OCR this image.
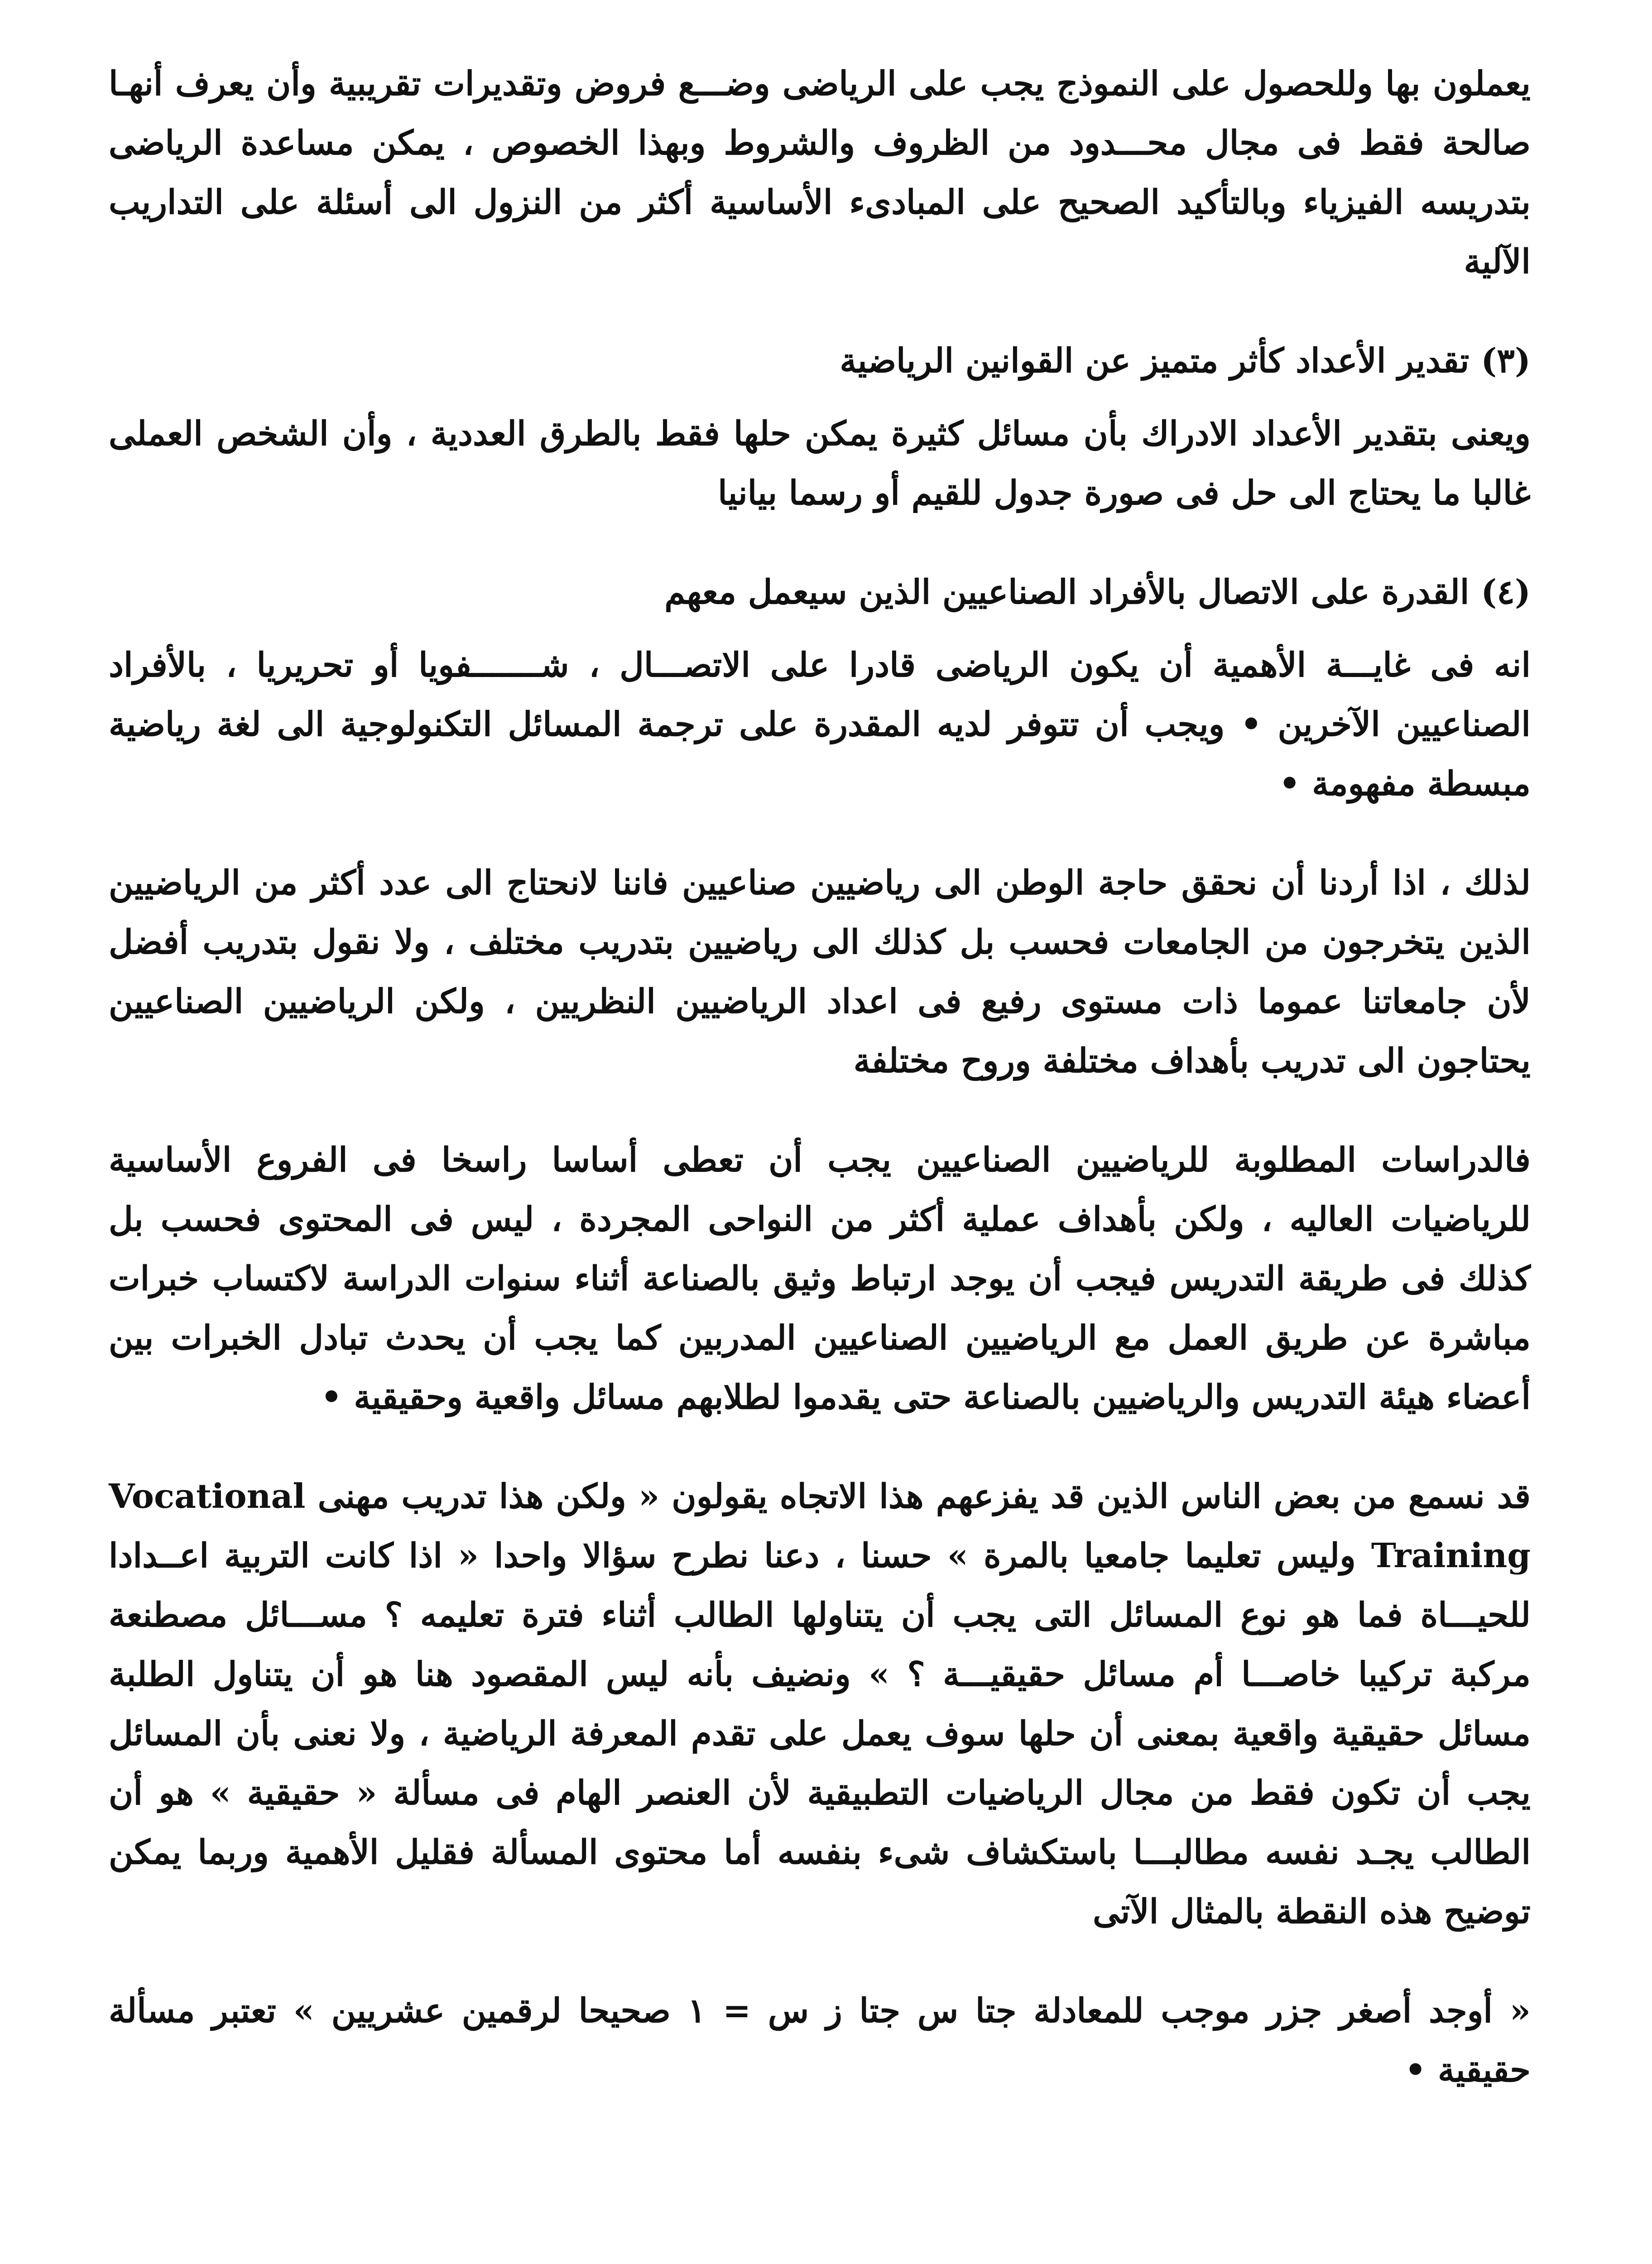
يعملون بها وللحصول على النموذج يجب على الرياضى وضـــع فروض وتقديرات تقريبية وأن يعرف أنهـا صالحة فقط فى مجال محـــدود من الظروف والشروط وبهذا الخصوص ، يمكن مساعدة الرياضى بتدريسه الفيزياء وبالتأكيد الصحيح على المبادىء الأساسية أكثر من النزول الى أسئلة على التداريب الآلية

(٣) تقدير الأعداد كأثر متميز عن القوانين الرياضية

ويعنى بتقدير الأعداد الادراك بأن مسائل كثيرة يمكن حلها فقط بالطرق العددية ، وأن الشخص العملى غالبا ما يحتاج الى حل فى صورة جدول للقيم أو رسما بيانيا

(٤) القدرة على الاتصال بالأفراد الصناعيين الذين سيعمل معهم

انه فى غايـــة الأهمية أن يكون الرياضى قادرا على الاتصـــال ، شـــــــفويا أو تحريريا ، بالأفراد الصناعيين الآخرين • ويجب أن تتوفر لديه المقدرة على ترجمة المسائل التكنولوجية الى لغة رياضية مبسطة مفهومة •

لذلك ، اذا أردنا أن نحقق حاجة الوطن الى رياضيين صناعيين فاننا لانحتاج الى عدد أكثر من الرياضيين الذين يتخرجون من الجامعات فحسب بل كذلك الى رياضيين بتدريب مختلف ، ولا نقول بتدريب أفضل لأن جامعاتنا عموما ذات مستوى رفيع فى اعداد الرياضيين النظريين ، ولكن الرياضيين الصناعيين يحتاجون الى تدريب بأهداف مختلفة وروح مختلفة

فالدراسات المطلوبة للرياضيين الصناعيين يجب أن تعطى أساسا راسخا فى الفروع الأساسية للرياضيات العاليه ، ولكن بأهداف عملية أكثر من النواحى المجردة ، ليس فى المحتوى فحسب بل كذلك فى طريقة التدريس فيجب أن يوجد ارتباط وثيق بالصناعة أثناء سنوات الدراسة لاكتساب خبرات مباشرة عن طريق العمل مع الرياضيين الصناعيين المدربين كما يجب أن يحدث تبادل الخبرات بين أعضاء هيئة التدريس والرياضيين بالصناعة حتى يقدموا لطلابهم مسائل واقعية وحقيقية •

قد نسمع من بعض الناس الذين قد يفزعهم هذا الاتجاه يقولون « ولكن هذا تدريب مهنى Vocational Training وليس تعليما جامعيا بالمرة » حسنا ، دعنا نطرح سؤالا واحدا « اذا كانت التربية اعــدادا للحيـــاة فما هو نوع المسائل التى يجب أن يتناولها الطالب أثناء فترة تعليمه ؟ مســـائل مصطنعة مركبة تركيبا خاصـــا أم مسائل حقيقيـــة ؟ » ونضيف بأنه ليس المقصود هنا هو أن يتناول الطلبة مسائل حقيقية واقعية بمعنى أن حلها سوف يعمل على تقدم المعرفة الرياضية ، ولا نعنى بأن المسائل يجب أن تكون فقط من مجال الرياضيات التطبيقية لأن العنصر الهام فى مسألة « حقيقية » هو أن الطالب يجـد نفسه مطالبـــا باستكشاف شىء بنفسه أما محتوى المسألة فقليل الأهمية وربما يمكن توضيح هذه النقطة بالمثال الآتى

« أوجد أصغر جزر موجب للمعادلة جتا س جتا ز س = ١ صحيحا لرقمين عشريين » تعتبر مسألة حقيقية •
